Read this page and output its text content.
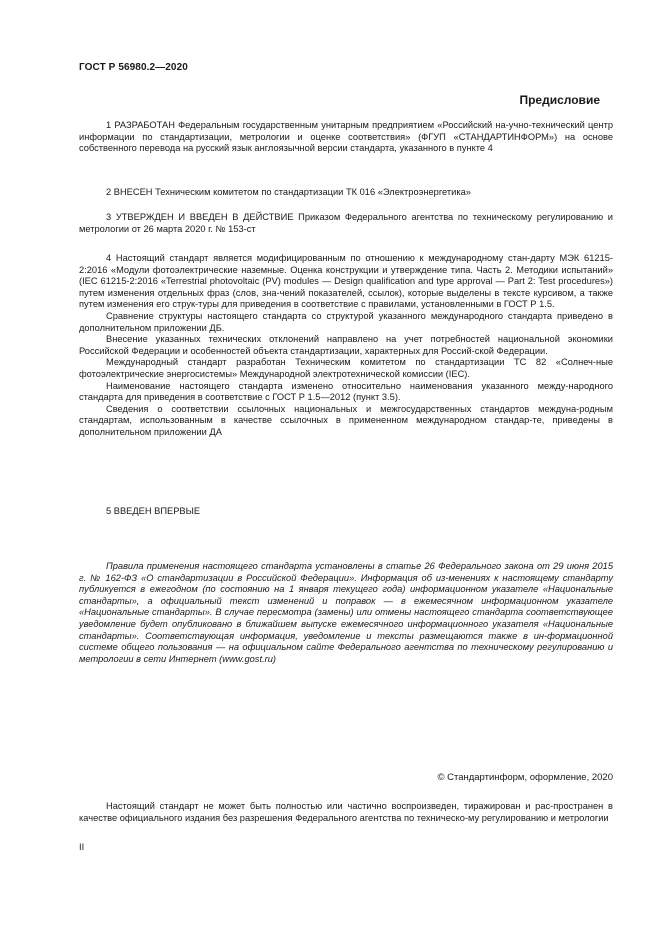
ГОСТ Р 56980.2—2020
Предисловие

1 РАЗРАБОТАН Федеральным государственным унитарным предприятием «Российский на-учно-технический центр информации по стандартизации, метрологии и оценке соответствия» (ФГУП «СТАНДАРТИНФОРМ») на основе собственного перевода на русский язык англоязычной версии стандарта, указанного в пункте 4

2 ВНЕСЕН Техническим комитетом по стандартизации ТК 016 «Электроэнергетика»

3 УТВЕРЖДЕН И ВВЕДЕН В ДЕЙСТВИЕ Приказом Федерального агентства по техническому регулированию и метрологии от 26 марта 2020 г. № 153-ст

4 Настоящий стандарт является модифицированным по отношению к международному стан-дарту МЭК 61215-2:2016 «Модули фотоэлектрические наземные. Оценка конструкции и утверждение типа. Часть 2. Методики испытаний» (IEC 61215-2:2016 «Terrestrial photovoltaic (PV) modules — Design qualification and type approval — Part 2: Test procedures») путем изменения отдельных фраз (слов, зна-чений показателей, ссылок), которые выделены в тексте курсивом, а также путем изменения его струк-туры для приведения в соответствие с правилами, установленными в ГОСТ Р 1.5.

Сравнение структуры настоящего стандарта со структурой указанного международного стандарта приведено в дополнительном приложении ДБ.

Внесение указанных технических отклонений направлено на учет потребностей национальной экономики Российской Федерации и особенностей объекта стандартизации, характерных для Россий-ской Федерации.

Международный стандарт разработан Техническим комитетом по стандартизации ТС 82 «Солнеч-ные фотоэлектрические энергосистемы» Международной электротехнической комиссии (IEC).

Наименование настоящего стандарта изменено относительно наименования указанного между-народного стандарта для приведения в соответствие с ГОСТ Р 1.5—2012 (пункт 3.5).

Сведения о соответствии ссылочных национальных и межгосударственных стандартов междуна-родным стандартам, использованным в качестве ссылочных в примененном международном стандар-те, приведены в дополнительном приложении ДА

5 ВВЕДЕН ВПЕРВЫЕ

Правила применения настоящего стандарта установлены в статье 26 Федерального закона от 29 июня 2015 г. № 162-ФЗ «О стандартизации в Российской Федерации». Информация об из-менениях к настоящему стандарту публикуется в ежегодном (по состоянию на 1 января текущего года) информационном указателе «Национальные стандарты», а официальный текст изменений и поправок — в ежемесячном информационном указателе «Национальные стандарты». В случае пересмотра (замены) или отмены настоящего стандарта соответствующее уведомление будет опубликовано в ближайшем выпуске ежемесячного информационного указателя «Национальные стандарты». Соответствующая информация, уведомление и тексты размещаются также в ин-формационной системе общего пользования — на официальном сайте Федерального агентства по техническому регулированию и метрологии в сети Интернет (www.gost.ru)

© Стандартинформ, оформление, 2020

Настоящий стандарт не может быть полностью или частично воспроизведен, тиражирован и рас-пространен в качестве официального издания без разрешения Федерального агентства по техническо-му регулированию и метрологии

II
